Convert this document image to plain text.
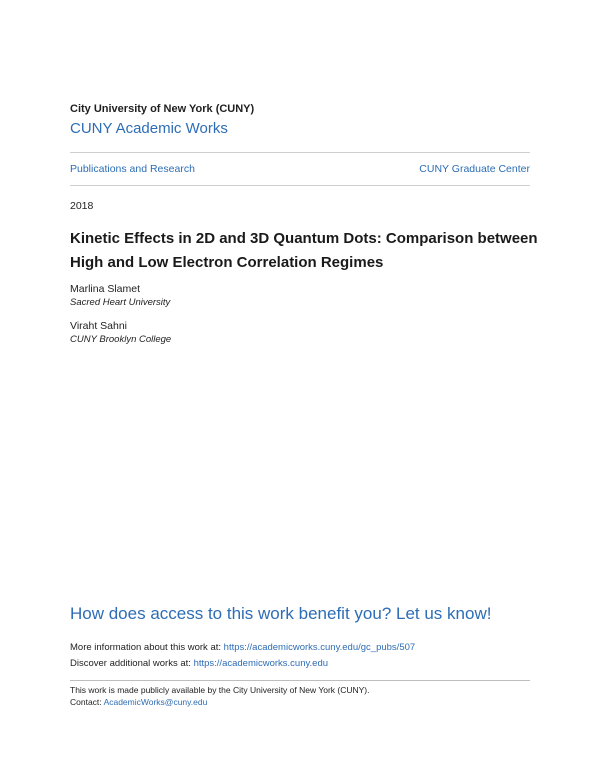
City University of New York (CUNY)
CUNY Academic Works
Publications and Research	CUNY Graduate Center
2018
Kinetic Effects in 2D and 3D Quantum Dots: Comparison between High and Low Electron Correlation Regimes
Marlina Slamet
Sacred Heart University
Viraht Sahni
CUNY Brooklyn College
How does access to this work benefit you? Let us know!
More information about this work at: https://academicworks.cuny.edu/gc_pubs/507
Discover additional works at: https://academicworks.cuny.edu
This work is made publicly available by the City University of New York (CUNY).
Contact: AcademicWorks@cuny.edu
